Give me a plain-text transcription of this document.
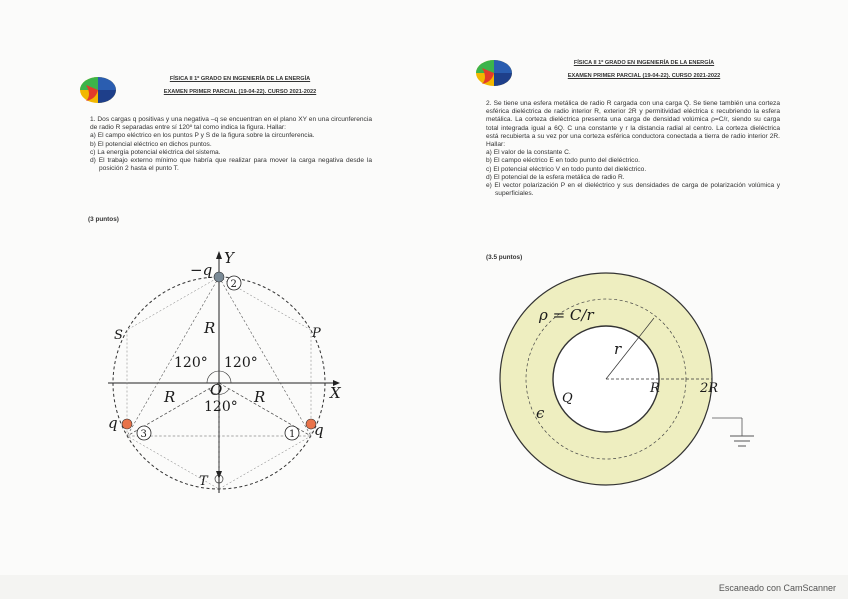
FÍSICA II 1º GRADO EN INGENIERÍA DE LA ENERGÍA
EXAMEN PRIMER PARCIAL (19-04-22). CURSO 2021-2022

1. Dos cargas q positivas y una negativa –q se encuentran en el plano XY en una circunferencia de radio R separadas entre sí 120º tal como indica la figura. Hallar:

a) El campo eléctrico en los puntos P y S de la figura sobre la circunferencia.
b) El potencial eléctrico en dichos puntos.
c) La energía potencial eléctrica del sistema.
d) El trabajo externo mínimo que habría que realizar para mover la carga negativa desde la posición 2 hasta el punto T.
(3 puntos)
2
3	1
−q
Y
X
P
S
T
O
R
R	R
120° 120°
120°
q	q
FÍSICA II 1º GRADO EN INGENIERÍA DE LA ENERGÍA
EXAMEN PRIMER PARCIAL (19-04-22). CURSO 2021-2022

2. Se tiene una esfera metálica de radio R cargada con una carga Q. Se tiene también una corteza esférica dieléctrica de radio interior R, exterior 2R y permitividad eléctrica ε recubriendo la esfera metálica. La corteza dieléctrica presenta una carga de densidad volúmica ρ=C/r, siendo su carga total integrada igual a 6Q. C una constante y r la distancia radial al centro. La corteza dieléctrica está recubierta a su vez por una corteza esférica conductora conectada a tierra de radio interior 2R. Hallar:

a) El valor de la constante C.
b) El campo eléctrico E en todo punto del dieléctrico.
c) El potencial eléctrico V en todo punto del dieléctrico.
d) El potencial de la esfera metálica de radio R.
e) El vector polarización P en el dieléctrico y sus densidades de carga de polarización volúmica y superficiales.
(3.5 puntos)
ρ = C/r
r
R	2R
Q
ϵ
Escaneado con CamScanner
